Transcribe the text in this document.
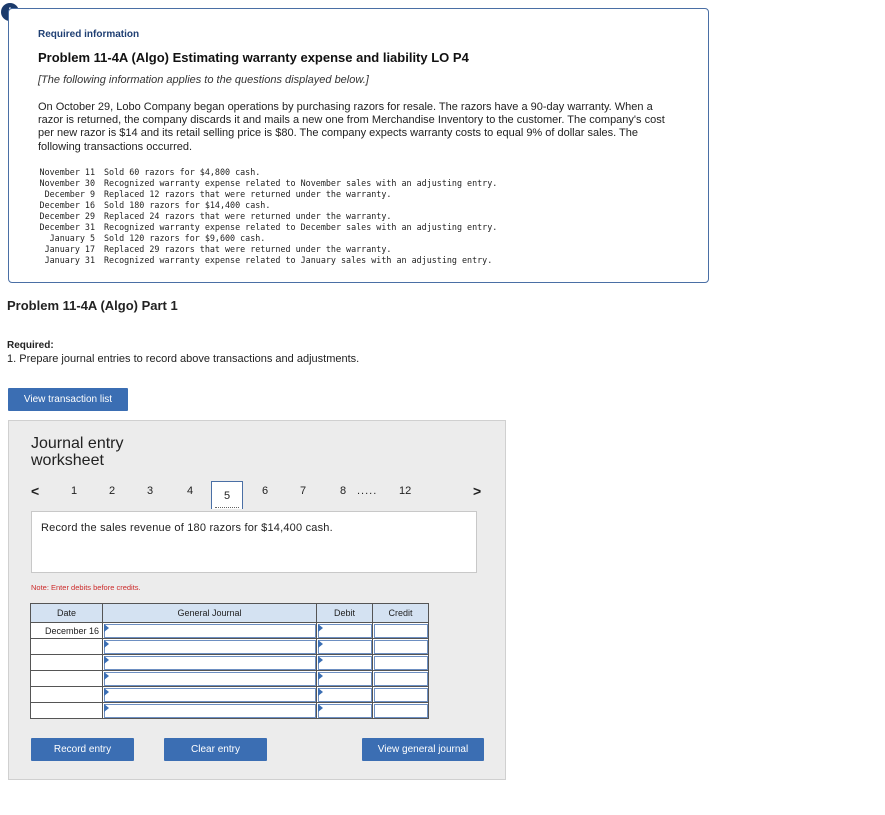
Required information
Problem 11-4A (Algo) Estimating warranty expense and liability LO P4
[The following information applies to the questions displayed below.]
On October 29, Lobo Company began operations by purchasing razors for resale. The razors have a 90-day warranty. When a razor is returned, the company discards it and mails a new one from Merchandise Inventory to the customer. The company's cost per new razor is $14 and its retail selling price is $80. The company expects warranty costs to equal 9% of dollar sales. The following transactions occurred.
November 11 Sold 60 razors for $4,800 cash.
November 30 Recognized warranty expense related to November sales with an adjusting entry.
December 9 Replaced 12 razors that were returned under the warranty.
December 16 Sold 180 razors for $14,400 cash.
December 29 Replaced 24 razors that were returned under the warranty.
December 31 Recognized warranty expense related to December sales with an adjusting entry.
January 5 Sold 120 razors for $9,600 cash.
January 17 Replaced 29 razors that were returned under the warranty.
January 31 Recognized warranty expense related to January sales with an adjusting entry.
Problem 11-4A (Algo) Part 1
Required:
1. Prepare journal entries to record above transactions and adjustments.
View transaction list
Journal entry worksheet
<	1	2	3	4	5	6	7	8 ..... 12	>
Record the sales revenue of 180 razors for $14,400 cash.
Note: Enter debits before credits.
Date	General Journal	Debit	Credit
December 16			

Record entry	Clear entry	View general journal
